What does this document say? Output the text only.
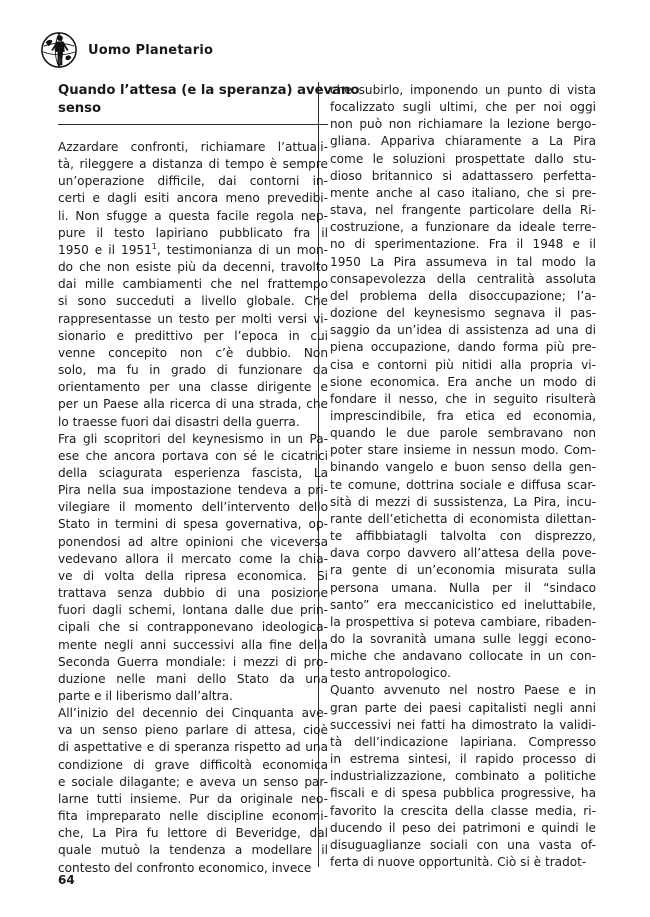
Uomo Planetario
Quando l’attesa (e la speranza) avevano
senso

Azzardare confronti, richiamare l’attuali-
tà, rileggere a distanza di tempo è sempre
un’operazione difficile, dai contorni in-
certi e dagli esiti ancora meno prevedibi-
li. Non sfugge a questa facile regola nep-
pure il testo lapiriano pubblicato fra il
1950 e il 1951$^1$, testimonianza di un mon-
do che non esiste più da decenni, travolto
dai mille cambiamenti che nel frattempo
si sono succeduti a livello globale. Che
rappresentasse un testo per molti versi vi-
sionario e predittivo per l’epoca in cui
venne concepito non c’è dubbio. Non
solo, ma fu in grado di funzionare da
orientamento per una classe dirigente e
per un Paese alla ricerca di una strada, che
lo traesse fuori dai disastri della guerra.
Fra gli scopritori del keynesismo in un Pa-
ese che ancora portava con sé le cicatrici
della sciagurata esperienza fascista, La
Pira nella sua impostazione tendeva a pri-
vilegiare il momento dell’intervento dello
Stato in termini di spesa governativa, op-
ponendosi ad altre opinioni che viceversa
vedevano allora il mercato come la chia-
ve di volta della ripresa economica. Si
trattava senza dubbio di una posizione
fuori dagli schemi, lontana dalle due prin-
cipali che si contrapponevano ideologica-
mente negli anni successivi alla fine della
Seconda Guerra mondiale: i mezzi di pro-
duzione nelle mani dello Stato da una
parte e il liberismo dall’altra.
All’inizio del decennio dei Cinquanta ave-
va un senso pieno parlare di attesa, cioè
di aspettative e di speranza rispetto ad una
condizione di grave difficoltà economica
e sociale dilagante; e aveva un senso par-
larne tutti insieme. Pur da originale neo-
fita impreparato nelle discipline economi-
che, La Pira fu lettore di Beveridge, dal
quale mutuò la tendenza a modellare il
contesto del confronto economico, invece

che subirlo, imponendo un punto di vista
focalizzato sugli ultimi, che per noi oggi
non può non richiamare la lezione bergo-
gliana. Appariva chiaramente a La Pira
come le soluzioni prospettate dallo stu-
dioso britannico si adattassero perfetta-
mente anche al caso italiano, che si pre-
stava, nel frangente particolare della Ri-
costruzione, a funzionare da ideale terre-
no di sperimentazione. Fra il 1948 e il
1950 La Pira assumeva in tal modo la
consapevolezza della centralità assoluta
del problema della disoccupazione; l’a-
dozione del keynesismo segnava il pas-
saggio da un’idea di assistenza ad una di
piena occupazione, dando forma più pre-
cisa e contorni più nitidi alla propria vi-
sione economica. Era anche un modo di
fondare il nesso, che in seguito risulterà
imprescindibile, fra etica ed economia,
quando le due parole sembravano non
poter stare insieme in nessun modo. Com-
binando vangelo e buon senso della gen-
te comune, dottrina sociale e diffusa scar-
sità di mezzi di sussistenza, La Pira, incu-
rante dell’etichetta di economista dilettan-
te affibbiatagli talvolta con disprezzo,
dava corpo davvero all’attesa della pove-
ra gente di un’economia misurata sulla
persona umana. Nulla per il “sindaco
santo” era meccanicistico ed ineluttabile,
la prospettiva si poteva cambiare, ribaden-
do la sovranità umana sulle leggi econo-
miche che andavano collocate in un con-
testo antropologico.
Quanto avvenuto nel nostro Paese e in
gran parte dei paesi capitalisti negli anni
successivi nei fatti ha dimostrato la validi-
tà dell’indicazione lapiriana. Compresso
in estrema sintesi, il rapido processo di
industrializzazione, combinato a politiche
fiscali e di spesa pubblica progressive, ha
favorito la crescita della classe media, ri-
ducendo il peso dei patrimoni e quindi le
disuguaglianze sociali con una vasta of-
ferta di nuove opportunità. Ciò si è tradot-

64
